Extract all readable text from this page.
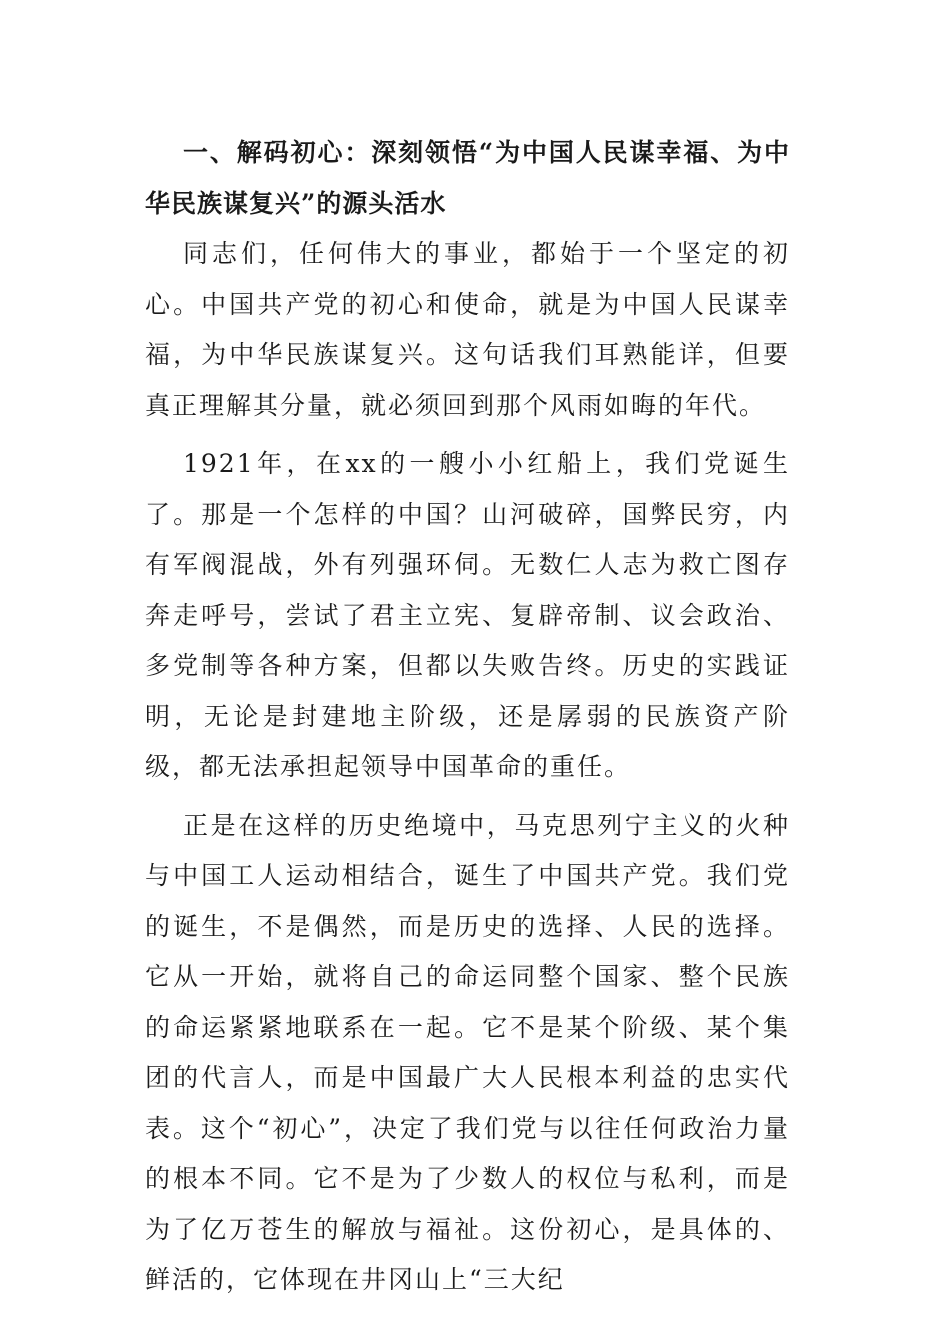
一、解码初心：深刻领悟“为中国人民谋幸福、为中华民族谋复兴”的源头活水

同志们，任何伟大的事业，都始于一个坚定的初心。中国共产党的初心和使命，就是为中国人民谋幸福，为中华民族谋复兴。这句话我们耳熟能详，但要真正理解其分量，就必须回到那个风雨如晦的年代。

1921年，在xx的一艘小小红船上，我们党诞生了。那是一个怎样的中国？山河破碎，国弊民穷，内有军阀混战，外有列强环伺。无数仁人志为救亡图存奔走呼号，尝试了君主立宪、复辟帝制、议会政治、多党制等各种方案，但都以失败告终。历史的实践证明，无论是封建地主阶级，还是孱弱的民族资产阶级，都无法承担起领导中国革命的重任。

正是在这样的历史绝境中，马克思列宁主义的火种与中国工人运动相结合，诞生了中国共产党。我们党的诞生，不是偶然，而是历史的选择、人民的选择。它从一开始，就将自己的命运同整个国家、整个民族的命运紧紧地联系在一起。它不是某个阶级、某个集团的代言人，而是中国最广大人民根本利益的忠实代表。这个“初心”，决定了我们党与以往任何政治力量的根本不同。它不是为了少数人的权位与私利，而是为了亿万苍生的解放与福祉。这份初心，是具体的、鲜活的，它体现在井冈山上“三大纪
